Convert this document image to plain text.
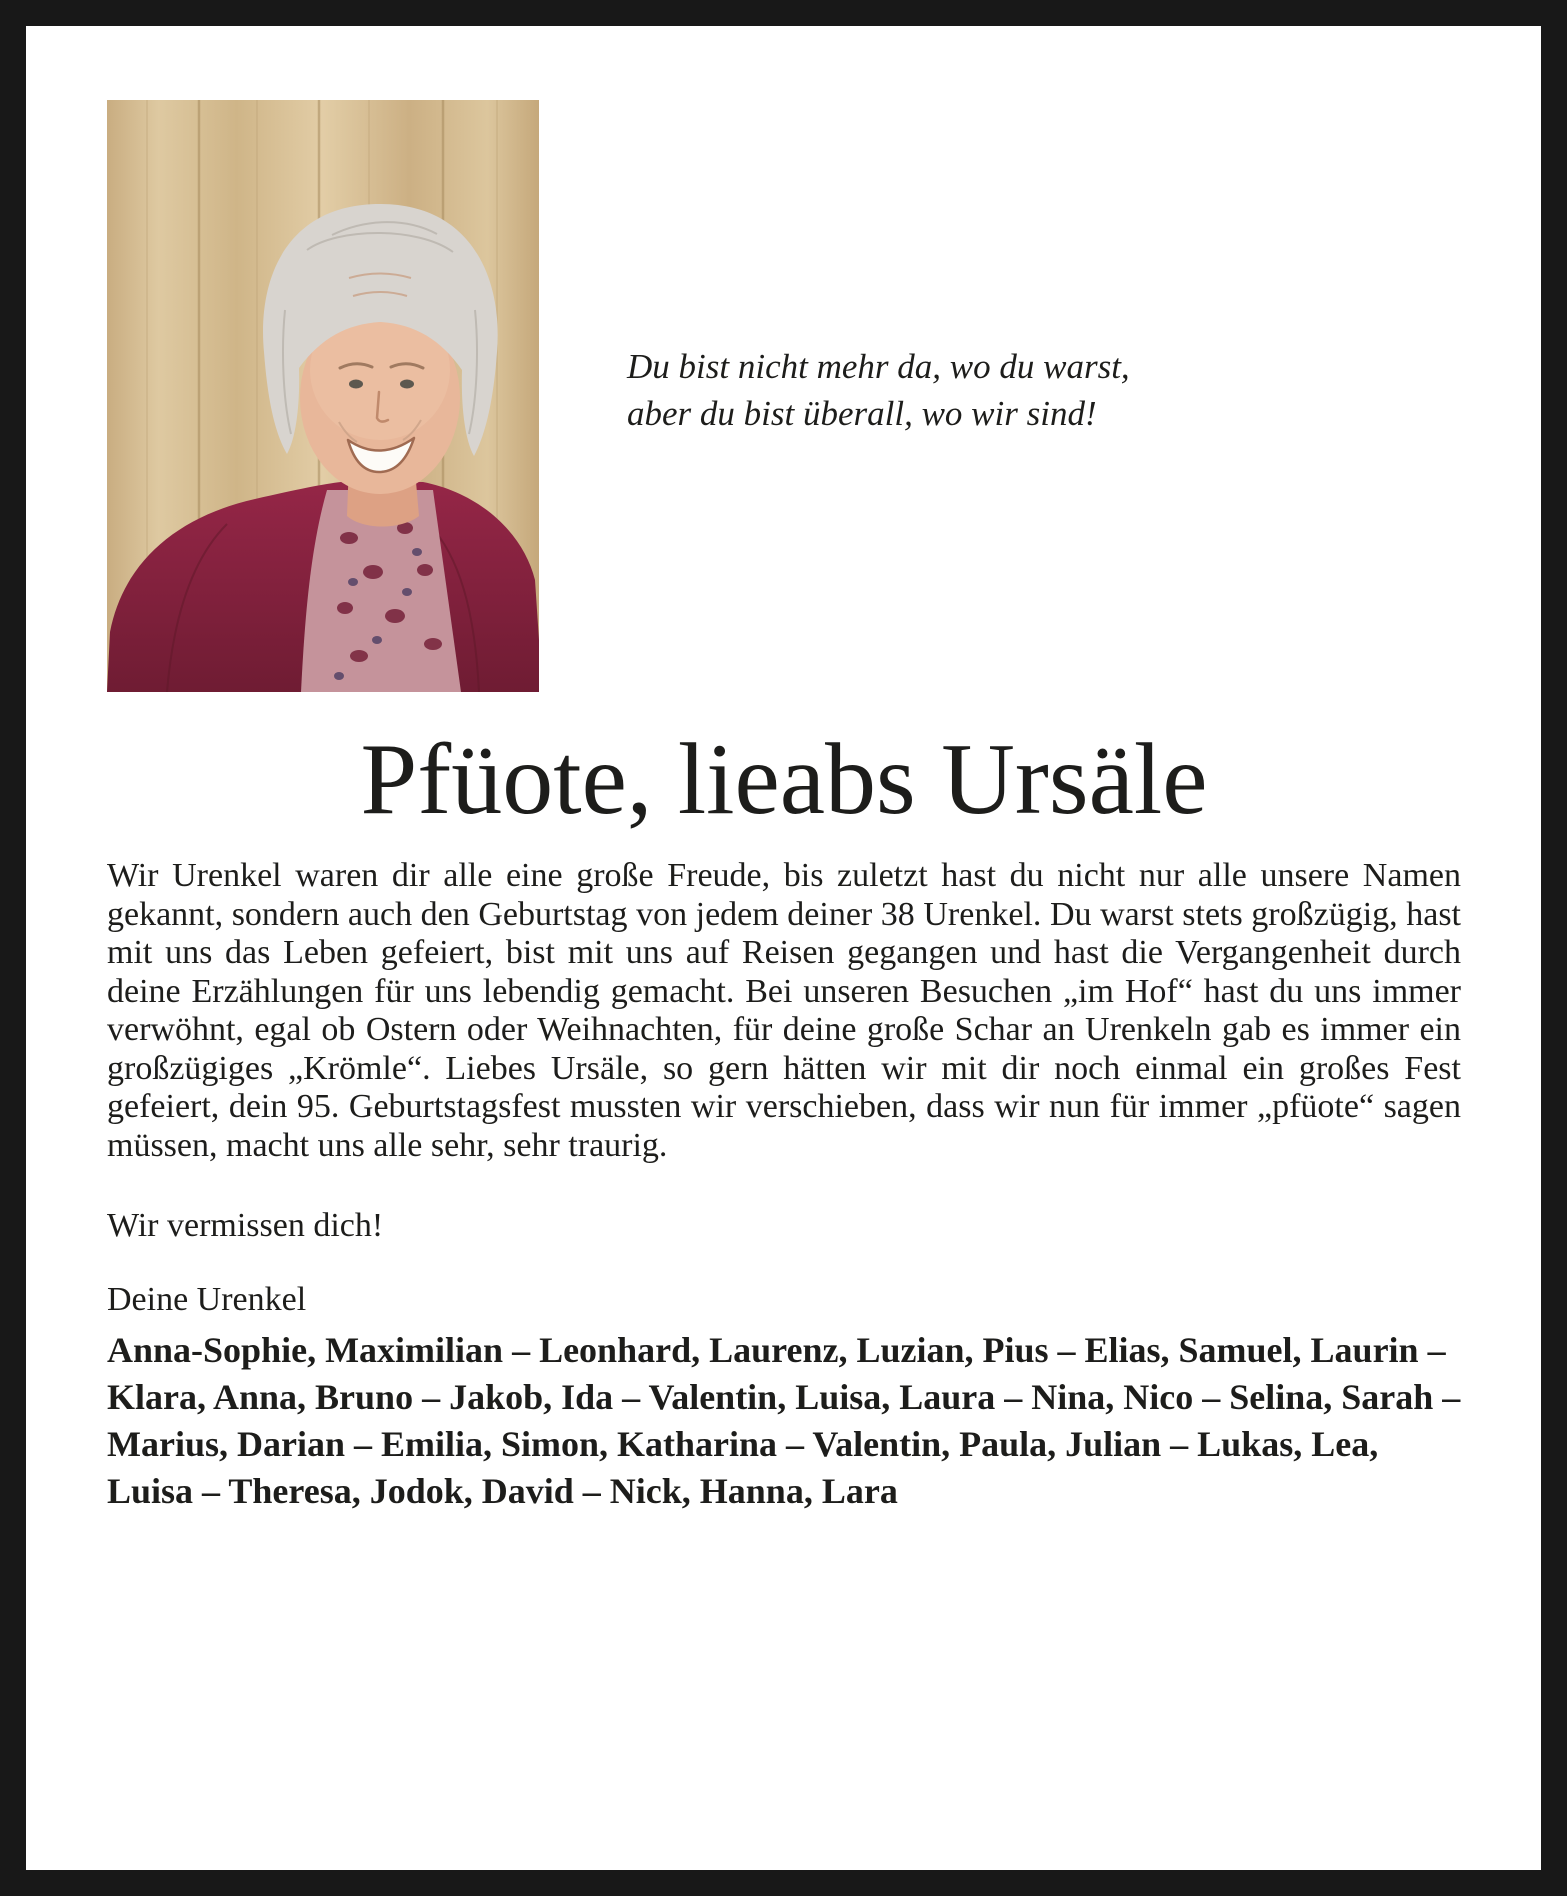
Du bist nicht mehr da, wo du warst,
aber du bist überall, wo wir sind!
Pfüote, lieabs Ursäle

Wir Urenkel waren dir alle eine große Freude, bis zuletzt hast du nicht nur alle unsere Namen gekannt, sondern auch den Geburtstag von jedem deiner 38 Urenkel. Du warst stets großzügig, hast mit uns das Leben gefeiert, bist mit uns auf Reisen gegangen und hast die Vergangenheit durch deine Erzählungen für uns lebendig gemacht. Bei unseren Besuchen „im Hof“ hast du uns immer verwöhnt, egal ob Ostern oder Weihnachten, für deine große Schar an Urenkeln gab es immer ein großzügiges „Krömle“. Liebes Ursäle, so gern hätten wir mit dir noch einmal ein großes Fest gefeiert, dein 95. Geburtstagsfest mussten wir verschieben, dass wir nun für immer „pfüote“ sagen müssen, macht uns alle sehr, sehr traurig.

Wir vermissen dich!

Deine Urenkel

Anna-Sophie, Maximilian – Leonhard, Laurenz, Luzian, Pius – Elias, Samuel, Laurin – Klara, Anna, Bruno – Jakob, Ida – Valentin, Luisa, Laura – Nina, Nico – Selina, Sarah – Marius, Darian – Emilia, Simon, Katharina – Valentin, Paula, Julian – Lukas, Lea, Luisa – Theresa, Jodok, David – Nick, Hanna, Lara
